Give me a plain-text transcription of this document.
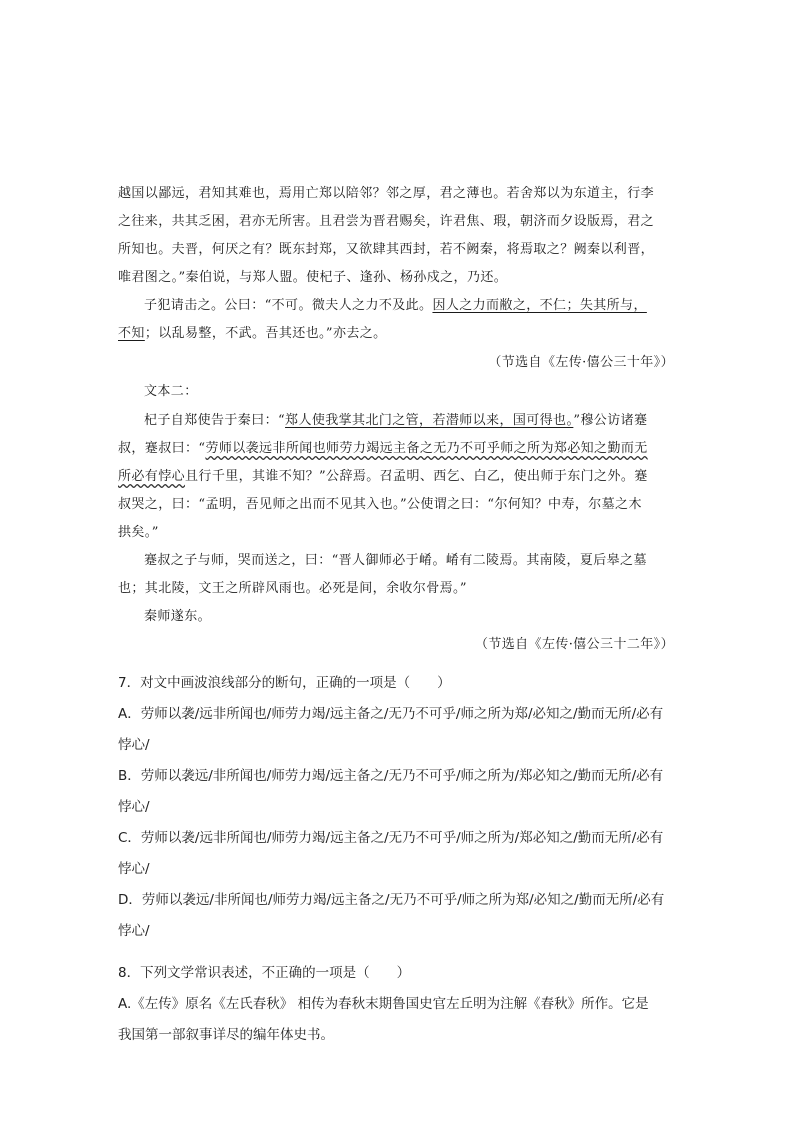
越国以鄙远，君知其难也，焉用亡郑以陪邻？邻之厚，君之薄也。若舍郑以为东道主，行李
之往来，共其乏困，君亦无所害。且君尝为晋君赐矣，许君焦、瑕，朝济而夕设版焉，君之
所知也。夫晋，何厌之有？既东封郑，又欲肆其西封，若不阙秦，将焉取之？阙秦以利晋，
唯君图之。”秦伯说，与郑人盟。使杞子、逢孙、杨孙戍之，乃还。
子犯请击之。公曰：“不可。微夫人之力不及此。因人之力而敝之，不仁；失其所与，
不知；以乱易整，不武。吾其还也。”亦去之。
（节选自《左传·僖公三十年》）
文本二：
杞子自郑使告于秦曰：“郑人使我掌其北门之管，若潜师以来，国可得也。”穆公访诸蹇
叔，蹇叔曰：“劳师以袭远非所闻也师劳力竭远主备之无乃不可乎师之所为郑必知之勤而无
所必有悖心且行千里，其谁不知？”公辞焉。召孟明、西乞、白乙，使出师于东门之外。蹇
叔哭之，曰：“孟明，吾见师之出而不见其入也。”公使谓之曰：“尔何知？中寿，尔墓之木
拱矣。”
蹇叔之子与师，哭而送之，曰：“晋人御师必于崤。崤有二陵焉。其南陵，夏后皋之墓
也；其北陵，文王之所辟风雨也。必死是间，余收尔骨焉。”
秦师遂东。
（节选自《左传·僖公三十二年》）
7．对文中画波浪线部分的断句，正确的一项是（　　）
A．劳师以袭/远非所闻也/师劳力竭/远主备之/无乃不可乎/师之所为郑/必知之/勤而无所/必有
悖心/
B．劳师以袭远/非所闻也/师劳力竭/远主备之/无乃不可乎/师之所为/郑必知之/勤而无所/必有
悖心/
C．劳师以袭/远非所闻也/师劳力竭/远主备之/无乃不可乎/师之所为/郑必知之/勤而无所/必有
悖心/
D．劳师以袭远/非所闻也/师劳力竭/远主备之/无乃不可乎/师之所为郑/必知之/勤而无所/必有
悖心/
8．下列文学常识表述，不正确的一项是（　　）
A.《左传》原名《左氏春秋》 相传为春秋末期鲁国史官左丘明为注解《春秋》所作。它是
我国第一部叙事详尽的编年体史书。
